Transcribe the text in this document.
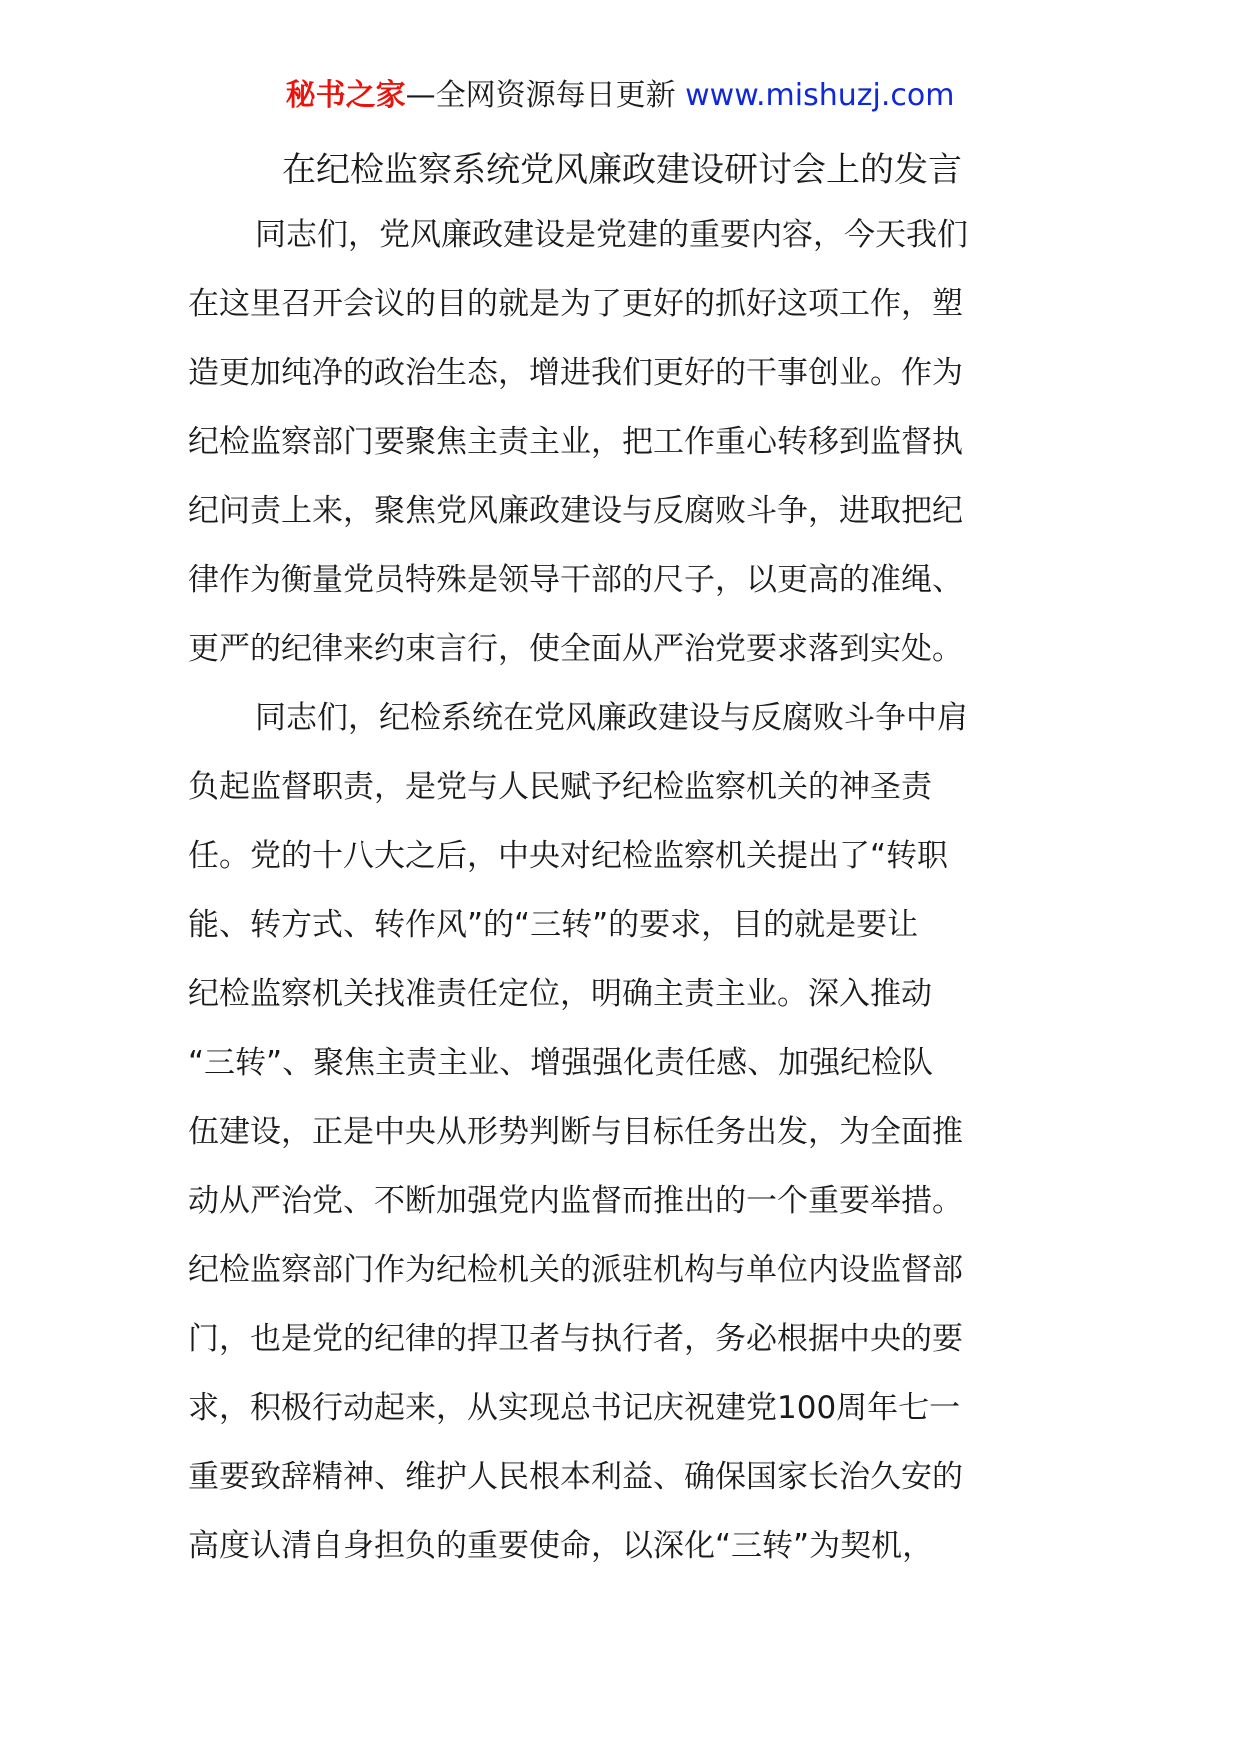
秘书之家—全网资源每日更新 www.mishuzj.com
在纪检监察系统党风廉政建设研讨会上的发言
同志们，党风廉政建设是党建的重要内容，今天我们
在这里召开会议的目的就是为了更好的抓好这项工作，塑
造更加纯净的政治生态，增进我们更好的干事创业。作为
纪检监察部门要聚焦主责主业，把工作重心转移到监督执
纪问责上来，聚焦党风廉政建设与反腐败斗争，进取把纪
律作为衡量党员特殊是领导干部的尺子，以更高的准绳、
更严的纪律来约束言行，使全面从严治党要求落到实处。
同志们，纪检系统在党风廉政建设与反腐败斗争中肩
负起监督职责，是党与人民赋予纪检监察机关的神圣责
任。党的十八大之后，中央对纪检监察机关提出了“转职
能、转方式、转作风”的“三转”的要求，目的就是要让
纪检监察机关找准责任定位，明确主责主业。深入推动
“三转”、聚焦主责主业、增强强化责任感、加强纪检队
伍建设，正是中央从形势判断与目标任务出发，为全面推
动从严治党、不断加强党内监督而推出的一个重要举措。
纪检监察部门作为纪检机关的派驻机构与单位内设监督部
门，也是党的纪律的捍卫者与执行者，务必根据中央的要
求，积极行动起来，从实现总书记庆祝建党100周年七一
重要致辞精神、维护人民根本利益、确保国家长治久安的
高度认清自身担负的重要使命，以深化“三转”为契机，
